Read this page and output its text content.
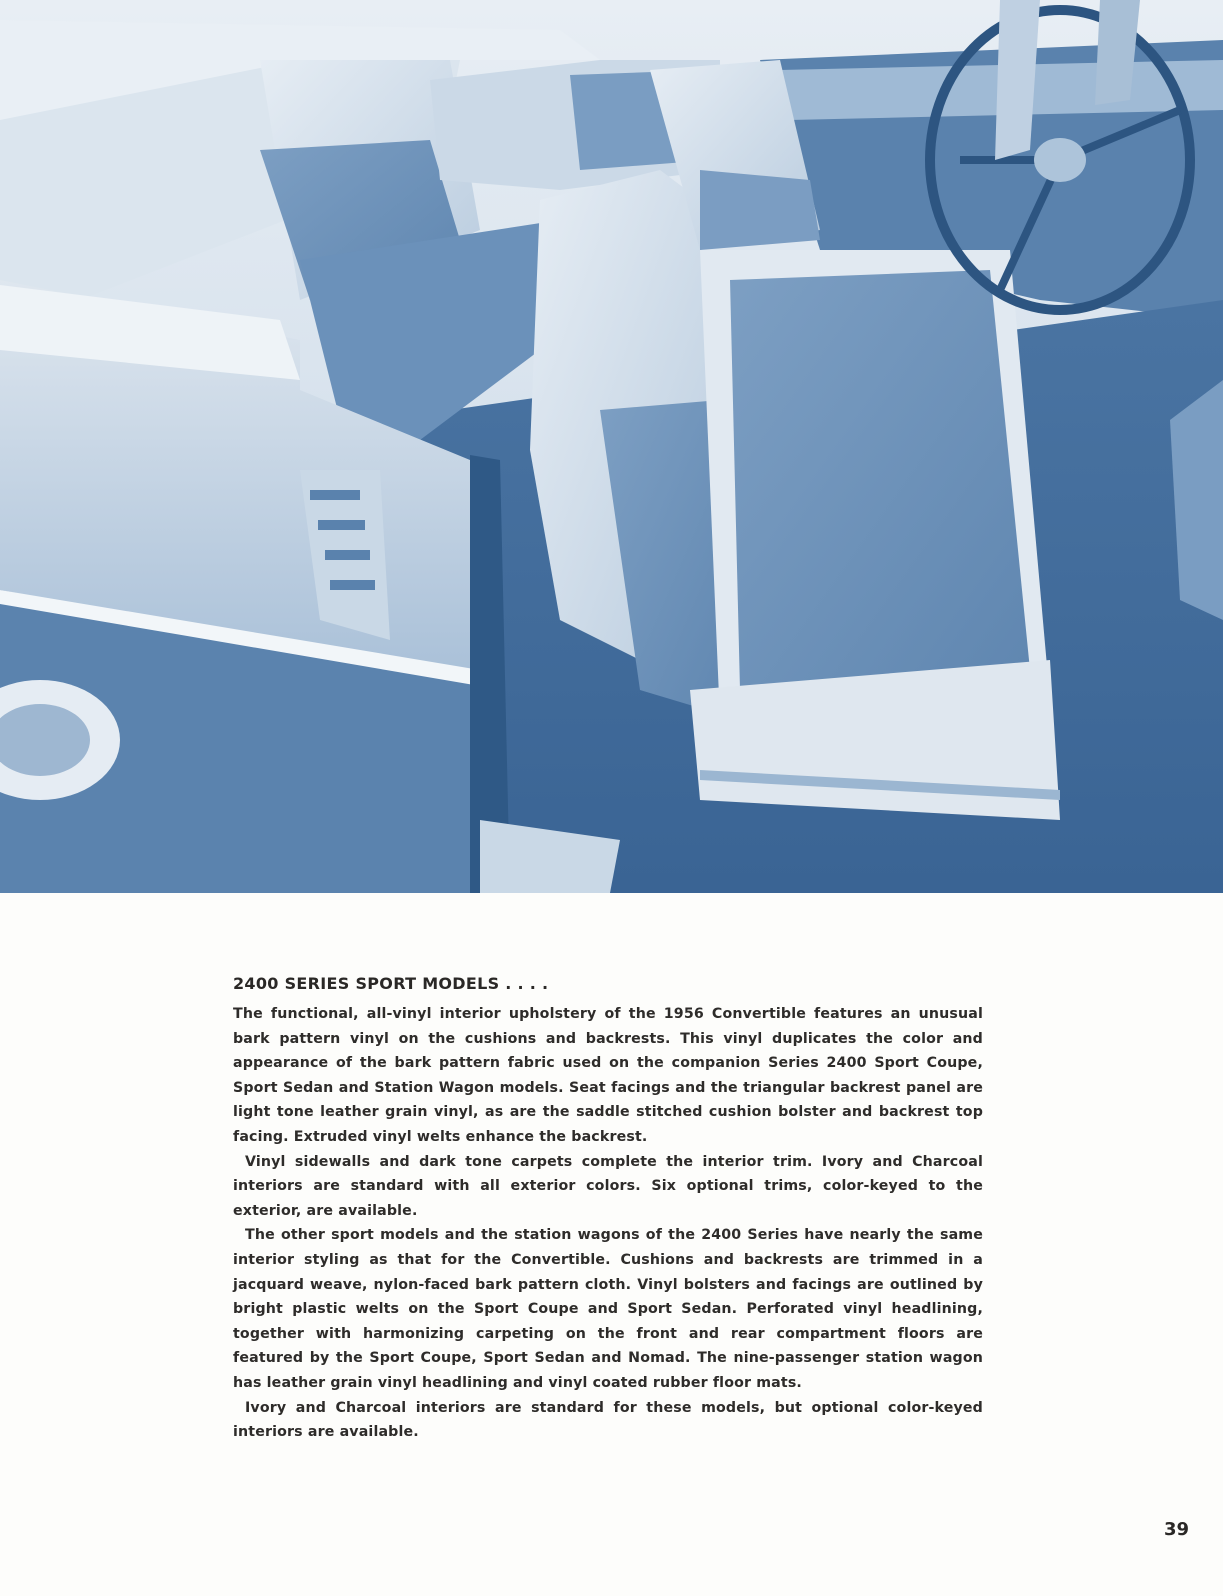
2400 SERIES SPORT MODELS . . . .

The functional, all-vinyl interior upholstery of the 1956 Convertible features an unusual bark pattern vinyl on the cushions and backrests. This vinyl duplicates the color and appearance of the bark pattern fabric used on the companion Series 2400 Sport Coupe, Sport Sedan and Station Wagon models. Seat facings and the triangular backrest panel are light tone leather grain vinyl, as are the saddle stitched cushion bolster and backrest top facing. Extruded vinyl welts enhance the backrest.

Vinyl sidewalls and dark tone carpets complete the interior trim. Ivory and Charcoal interiors are standard with all exterior colors. Six optional trims, color-keyed to the exterior, are available.

The other sport models and the station wagons of the 2400 Series have nearly the same interior styling as that for the Convertible. Cushions and backrests are trimmed in a jacquard weave, nylon-faced bark pattern cloth. Vinyl bolsters and facings are outlined by bright plastic welts on the Sport Coupe and Sport Sedan. Perforated vinyl headlining, together with harmonizing carpeting on the front and rear compartment floors are featured by the Sport Coupe, Sport Sedan and Nomad. The nine-passenger station wagon has leather grain vinyl headlining and vinyl coated rubber floor mats.

Ivory and Charcoal interiors are standard for these models, but optional color-keyed interiors are available.

39
